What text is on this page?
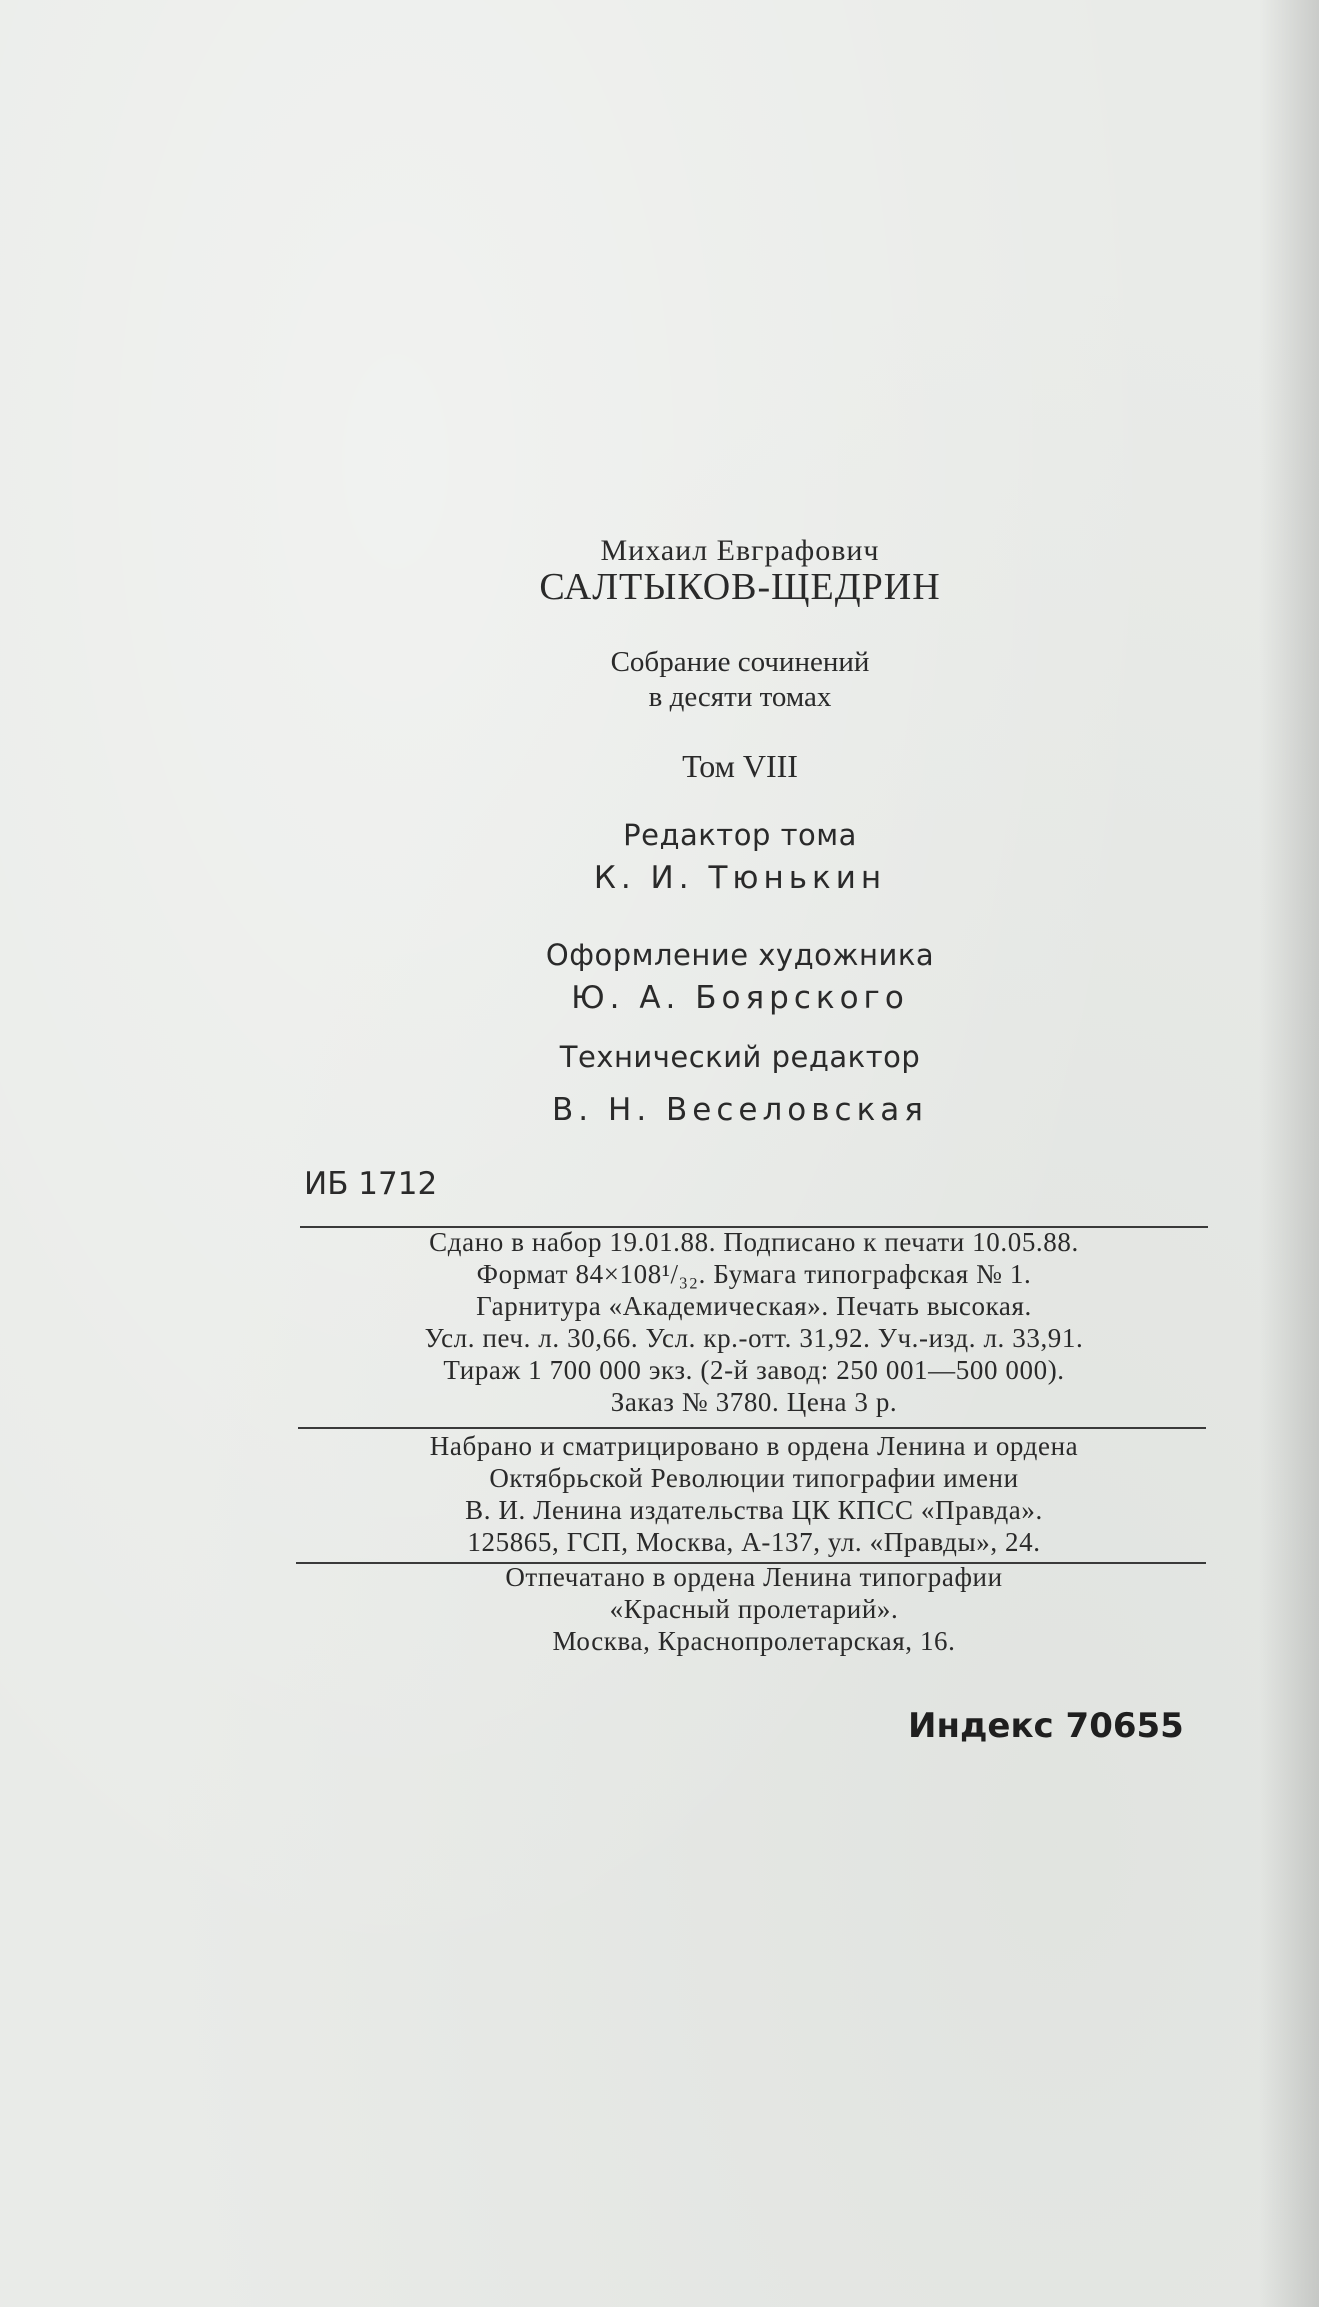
Михаил Евграфович
САЛТЫКОВ-ЩЕДРИН
Собрание сочинений
в десяти томах
Том VIII
Редактор тома
К. И. Тюнькин
Оформление художника
Ю. А. Боярского
Технический редактор
В. Н. Веселовская
ИБ 1712
Сдано в набор 19.01.88. Подписано к печати 10.05.88.
Формат 84×108¹/₃₂. Бумага типографская № 1.
Гарнитура «Академическая». Печать высокая.
Усл. печ. л. 30,66. Усл. кр.-отт. 31,92. Уч.-изд. л. 33,91.
Тираж 1 700 000 экз. (2-й завод: 250 001—500 000).
Заказ № 3780. Цена 3 р.
Набрано и сматрицировано в ордена Ленина и ордена
Октябрьской Революции типографии имени
В. И. Ленина издательства ЦК КПСС «Правда».
125865, ГСП, Москва, А-137, ул. «Правды», 24.
Отпечатано в ордена Ленина типографии
«Красный пролетарий».
Москва, Краснопролетарская, 16.
Индекс 70655
